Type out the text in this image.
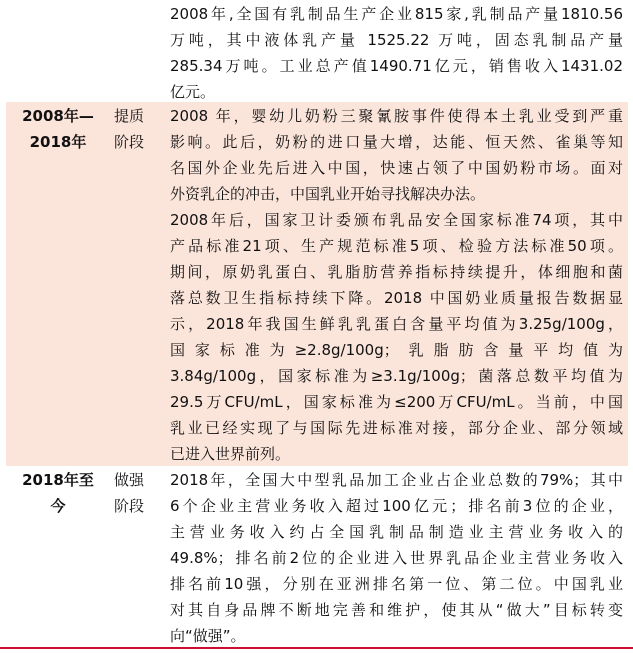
2008年,全国有乳制品生产企业815家,乳制品产量1810.56
万吨，其中液体乳产量 1525.22 万吨，固态乳制品产量
285.34万吨。工业总产值1490.71亿元，销售收入1431.02
亿元。
2008年—
2018年
提质
阶段
2008 年，婴幼儿奶粉三聚氰胺事件使得本土乳业受到严重
影响。此后，奶粉的进口量大增，达能、恒天然、雀巢等知
名国外企业先后进入中国，快速占领了中国奶粉市场。面对
外资乳企的冲击，中国乳业开始寻找解决办法。
2008年后，国家卫计委颁布乳品安全国家标准74项，其中
产品标准21项、生产规范标准5项、检验方法标准50项。
期间，原奶乳蛋白、乳脂肪营养指标持续提升，体细胞和菌
落总数卫生指标持续下降。2018 中国奶业质量报告数据显
示，2018年我国生鲜乳乳蛋白含量平均值为3.25g/100g，
国家标准为≥2.8g/100g；乳脂肪含量平均值为
3.84g/100g，国家标准为≥3.1g/100g；菌落总数平均值为
29.5万CFU/mL，国家标准为≤200万CFU/mL。当前，中国
乳业已经实现了与国际先进标准对接，部分企业、部分领域
已进入世界前列。
2018年至
今
做强
阶段
2018年，全国大中型乳品加工企业占企业总数的79%；其中
6个企业主营业务收入超过100亿元；排名前3位的企业，
主营业务收入约占全国乳制品制造业主营业务收入的
49.8%；排名前2位的企业进入世界乳品企业主营业务收入
排名前10强，分别在亚洲排名第一位、第二位。中国乳业
对其自身品牌不断地完善和维护，使其从“做大”目标转变
向“做强”。
